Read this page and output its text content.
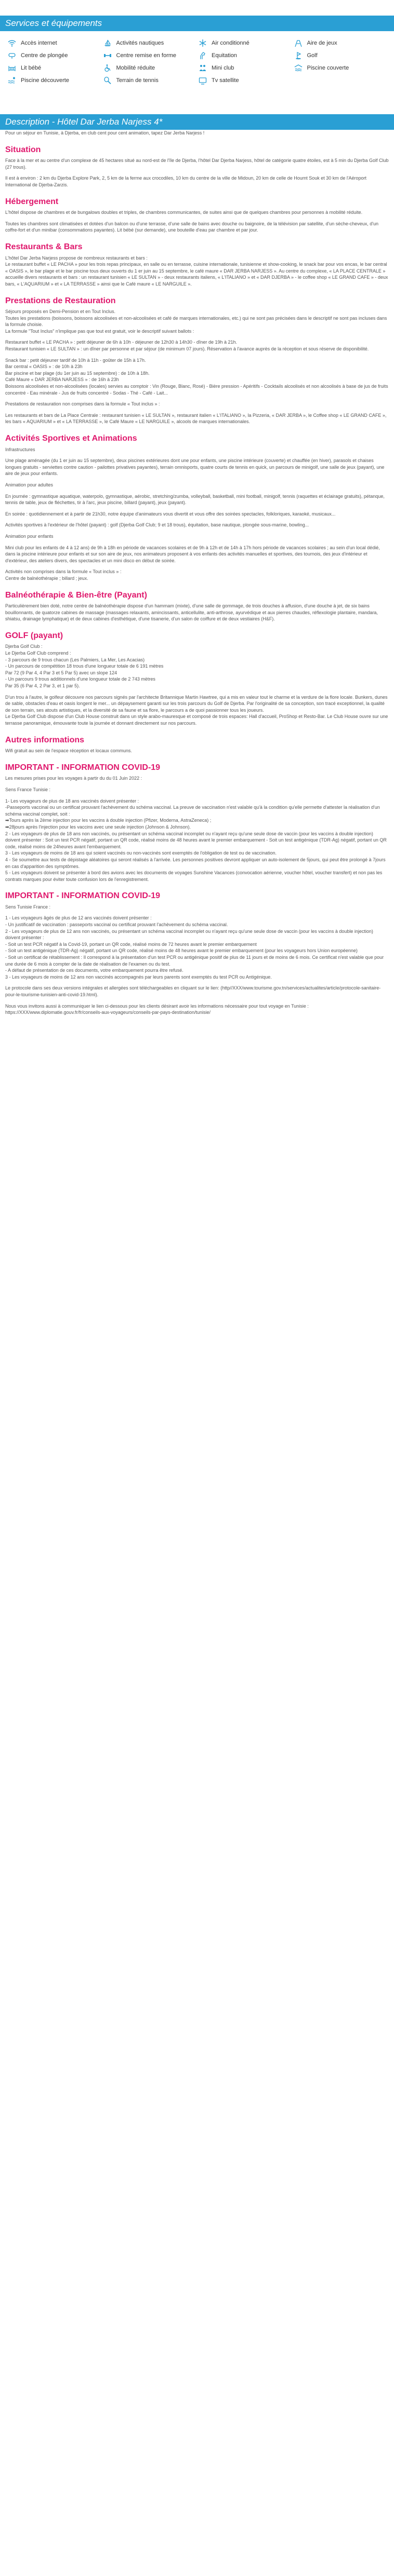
Services et équipements
Accès internet	Activités nautiques	Air conditionné	Aire de jeux
Centre de plongée	Centre remise en forme	Equitation	Golf
Lit bébé	Mobilité réduite	Mini club	Piscine couverte
Piscine découverte	Terrain de tennis	Tv satellite
Description - Hôtel Dar Jerba Narjess 4*

Pour un séjour en Tunisie, à Djerba, en club cent pour cent animation, tapez Dar Jerba Narjess !

Situation

Face à la mer et au centre d'un complexe de 45 hectares situé au nord-est de l'île de Djerba, l'hôtel Dar Djerba Narjess, hôtel de catégorie quatre étoiles, est à 5 min du Djerba Golf Club (27 trous).

Il est à environ : 2 km du Djerba Explore Park, 2, 5 km de la ferme aux crocodiles, 10 km du centre de la ville de Midoun, 20 km de celle de Houmt Souk et 30 km de l'Aéroport International de Djerba-Zarzis.

Hébergement

L'hôtel dispose de chambres et de bungalows doubles et triples, de chambres communicantes, de suites ainsi que de quelques chambres pour personnes à mobilité réduite.

Toutes les chambres sont climatisées et dotées d'un balcon ou d'une terrasse, d'une salle de bains avec douche ou baignoire, de la télévision par satellite, d'un sèche-cheveux, d'un coffre-fort et d'un minibar (consommations payantes). Lit bébé (sur demande), une bouteille d'eau par chambre et par jour.

Restaurants & Bars

L'hôtel Dar Jerba Narjess propose de nombreux restaurants et bars :
Le restaurant buffet « LE PACHA » pour les trois repas principaux, en salle ou en terrasse, cuisine internationale, tunisienne et show-cooking, le snack bar pour vos encas, le bar central « OASIS », le bar plage et le bar piscine tous deux ouverts du 1 er juin au 15 septembre, le café maure « DAR JERBA NARJESS ». Au centre du complexe, « LA PLACE CENTRALE » accueille divers restaurants et bars : un restaurant tunisien « LE SULTAN » - deux restaurants italiens, « L'ITALIANO » et « DAR DJERBA » - le coffee shop « LE GRAND CAFE » - deux bars, « L'AQUARIUM » et « LA TERRASSE » ainsi que le Café maure « LE NARGUILE ».

Prestations de Restauration

Séjours proposés en Demi-Pension et en Tout Inclus.
Toutes les prestations (boissons, boissons alcoolisées et non-alcoolisées et café de marques internationales, etc.) qui ne sont pas précisées dans le descriptif ne sont pas incluses dans la formule choisie.
La formule "Tout Inclus" n'implique pas que tout est gratuit, voir le descriptif suivant ballots :

Restaurant buffet « LE PACHA » : petit déjeuner de 6h à 10h - déjeuner de 12h30 à 14h30 - dîner de 19h à 21h.
Restaurant tunisien « LE SULTAN » : un dîner par personne et par séjour (de minimum 07 jours). Réservation à l'avance auprès de la réception et sous réserve de disponibilité.

Snack bar : petit déjeuner tardif de 10h à 11h - goûter de 15h à 17h.
Bar central « OASIS » : de 10h à 23h
Bar piscine et bar plage (du 1er juin au 15 septembre) : de 10h à 18h.
Café Maure « DAR JERBA NARJESS » : de 16h à 23h
Boissons alcoolisées et non-alcoolisées (locales) servies au comptoir : Vin (Rouge, Blanc, Rosé) - Bière pression - Apéritifs - Cocktails alcoolisés et non alcoolisés à base de jus de fruits concentré - Eau minérale - Jus de fruits concentré - Sodas - Thé - Café - Lait...

Prestations de restauration non comprises dans la formule « Tout inclus » :

Les restaurants et bars de La Place Centrale : restaurant tunisien « LE SULTAN », restaurant italien « L'ITALIANO », la Pizzeria, « DAR JERBA », le Coffee shop « LE GRAND CAFE », les bars « AQUARIUM » et « LA TERRASSE », le Café Maure « LE NARGUILE », alcools de marques internationales.

Activités Sportives et Animations

Infrastructures

Une plage aménagée (du 1 er juin au 15 septembre), deux piscines extérieures dont une pour enfants, une piscine intérieure (couverte) et chauffée (en hiver), parasols et chaises longues gratuits - serviettes contre caution - pailottes privatives payantes), terrain omnisports, quatre courts de tennis en quick, un parcours de minigolf, une salle de jeux (payant), une aire de jeux pour enfants.

Animation pour adultes

En journée : gymnastique aquatique, waterpolo, gymnastique, aérobic, stretching/zumba, volleyball, basketball, mini football, minigolf, tennis (raquettes et éclairage gratuits), pétanque, tennis de table, jeux de fléchettes, tir à l'arc, jeux piscine, billard (payant), jeux (payant).

En soirée : quotidiennement et à partir de 21h30, notre équipe d'animateurs vous divertit et vous offre des soirées spectacles, folkloriques, karaoké, musicaux...

Activités sportives à l'extérieur de l'hôtel (payant) : golf (Djerba Golf Club; 9 et 18 trous), équitation, base nautique, plongée sous-marine, bowling...

Animation pour enfants

Mini club pour les enfants de 4 à 12 ans) de 9h à 18h en période de vacances scolaires et de 9h à 12h et de 14h à 17h hors période de vacances scolaires ; au sein d'un local dédié, dans la piscine intérieure pour enfants et sur son aire de jeux, nos animateurs proposent à vos enfants des activités manuelles et sportives, des tournois, des jeux d'intérieur et d'extérieur, des ateliers divers, des spectacles et un mini disco en début de soirée.

Activités non comprises dans la formule « Tout inclus » :
Centre de balnéothérapie ; billard ; jeux.

Balnéothérapie & Bien-être (Payant)

Particulièrement bien doté, notre centre de balnéothérapie dispose d'un hammam (mixte), d'une salle de gommage, de trois douches à affusion, d'une douche à jet, de six bains bouillonnants, de quatorze cabines de massage (massages relaxants, amincissants, anticellulite, anti-arthrose, ayurvédique et aux pierres chaudes, réflexologie plantaire, mandara, shiatsu, drainage lymphatique) et de deux cabines d'esthétique, d'une tisanerie, d'un salon de coiffure et de deux vestiaires (H&F).

GOLF (payant)

Djerba Golf Club :
Le Djerba Golf Club comprend :
- 3 parcours de 9 trous chacun (Les Palmiers, La Mer, Les Acacias)
- Un parcours de compétition 18 trous d'une longueur totale de 6 191 mètres
Par 72 (9 Par 4, 4 Par 3 et 5 Par 5) avec un slope 124
- Un parcours 9 trous additionnels d'une longueur totale de 2 743 mètres
Par 35 (6 Par 4, 2 Par 3, et 1 par 5).

D'un trou à l'autre, le golfeur découvre nos parcours signés par l'architecte Britannique Martin Hawtree, qui a mis en valeur tout le charme et la verdure de la flore locale. Bunkers, dunes de sable, obstacles d'eau et oasis longent le mer... un dépaysement garanti sur les trois parcours du Golf de Djerba. Par l'originalité de sa conception, son tracé exceptionnel, la qualité de son terrain, ses atouts artistiques, et la diversité de sa faune et sa flore, le parcours a de quoi passionner tous les joueurs.
Le Djerba Golf Club dispose d'un Club House construit dans un style arabo-mauresque et composé de trois espaces: Hall d'accueil, ProShop et Resto-Bar. Le Club House ouvre sur une terrasse panoramique, émouvante toute la journée et donnant directement sur nos parcours.

Autres informations

Wifi gratuit au sein de l'espace réception et locaux communs.

IMPORTANT - INFORMATION COVID-19

Les mesures prises pour les voyages à partir du du 01 Juin 2022 :

Sens France Tunisie :

1- Les voyageurs de plus de 18 ans vaccinés doivent présenter :
-Passeports vaccinal ou un certificat prouvant l'achèvement du schéma vaccinal. La preuve de vaccination n'est valable qu'à la condition qu'elle permette d'attester la réalisation d'un schéma vaccinal complet, soit :
➡Tours après la 2ème injection pour les vaccins à double injection (Pfizer, Moderna, AstraZeneca) ;
➡28jours après l'injection pour les vaccins avec une seule injection (Johnson & Johnson).
2 - Les voyageurs de plus de 18 ans non vaccinés, ou présentant un schéma vaccinal incomplet ou n'ayant reçu qu'une seule dose de vaccin (pour les vaccins à double injection) doivent présenter : Soit un test PCR négatif, portant un QR code, réalisé moins de 48 heures avant le premier embarquement - Soit un test antigénique (TDR-Ag) négatif, portant un QR code, réalisé moins de 24heures avant l'embarquement.
3 - Les voyageurs de moins de 18 ans qui soient vaccinés ou non-vaccinés sont exemptés de l'obligation de test ou de vaccination.
4 - Se soumettre aux tests de dépistage aléatoires qui seront réalisés à l'arrivée. Les personnes positives devront appliquer un auto-isolement de 5jours, qui peut être prolongé à 7jours en cas d'apparition des symptômes.
5 - Les voyageurs doivent se présenter à bord des avions avec les documents de voyages Sunshine Vacances (convocation aérienne, voucher hôtel, voucher transfert) et non pas les contrats marques pour éviter toute confusion lors de l'enregistrement.

IMPORTANT - INFORMATION COVID-19

Sens Tunisie France :

1 - Les voyageurs âgés de plus de 12 ans vaccinés doivent présenter :
- Un justificatif de vaccination : passeports vaccinal ou certificat prouvant l'achèvement du schéma vaccinal.
2 - Les voyageurs de plus de 12 ans non vaccinés, ou présentant un schéma vaccinal incomplet ou n'ayant reçu qu'une seule dose de vaccin (pour les vaccins à double injection) doivent présenter :
- Soit un test PCR négatif à la Covid-19, portant un QR code, réalisé moins de 72 heures avant le premier embarquement
- Soit un test antigénique (TDR-Ag) négatif, portant un QR code, réalisé moins de 48 heures avant le premier embarquement (pour les voyageurs hors Union européenne)
- Soit un certificat de rétablissement : Il correspond à la présentation d'un test PCR ou antigénique positif de plus de 11 jours et de moins de 6 mois. Ce certificat n'est valable que pour une durée de 6 mois à compter de la date de réalisation de l'examen ou du test.
- A défaut de présentation de ces documents, votre embarquement pourra être refusé.
3 - Les voyageurs de moins de 12 ans non vaccinés accompagnés par leurs parents sont exemptés du test PCR ou Antigénique.

Le protocole dans ses deux versions intégrales et allergées sont téléchargeables en cliquant sur le lien: (http//XXX/www.tourisme.gov.tn/services/actualites/article/protocole-sanitaire-pour-le-tourisme-tunisien-anti-covid-19.html).

Nous vous invitons aussi à communiquer le lien ci-dessous pour les clients désirant avoir les informations nécessaire pour tout voyage en Tunisie :
https://XXX/www.diplomatie.gouv.fr/fr/conseils-aux-voyageurs/conseils-par-pays-destination/tunisie/
